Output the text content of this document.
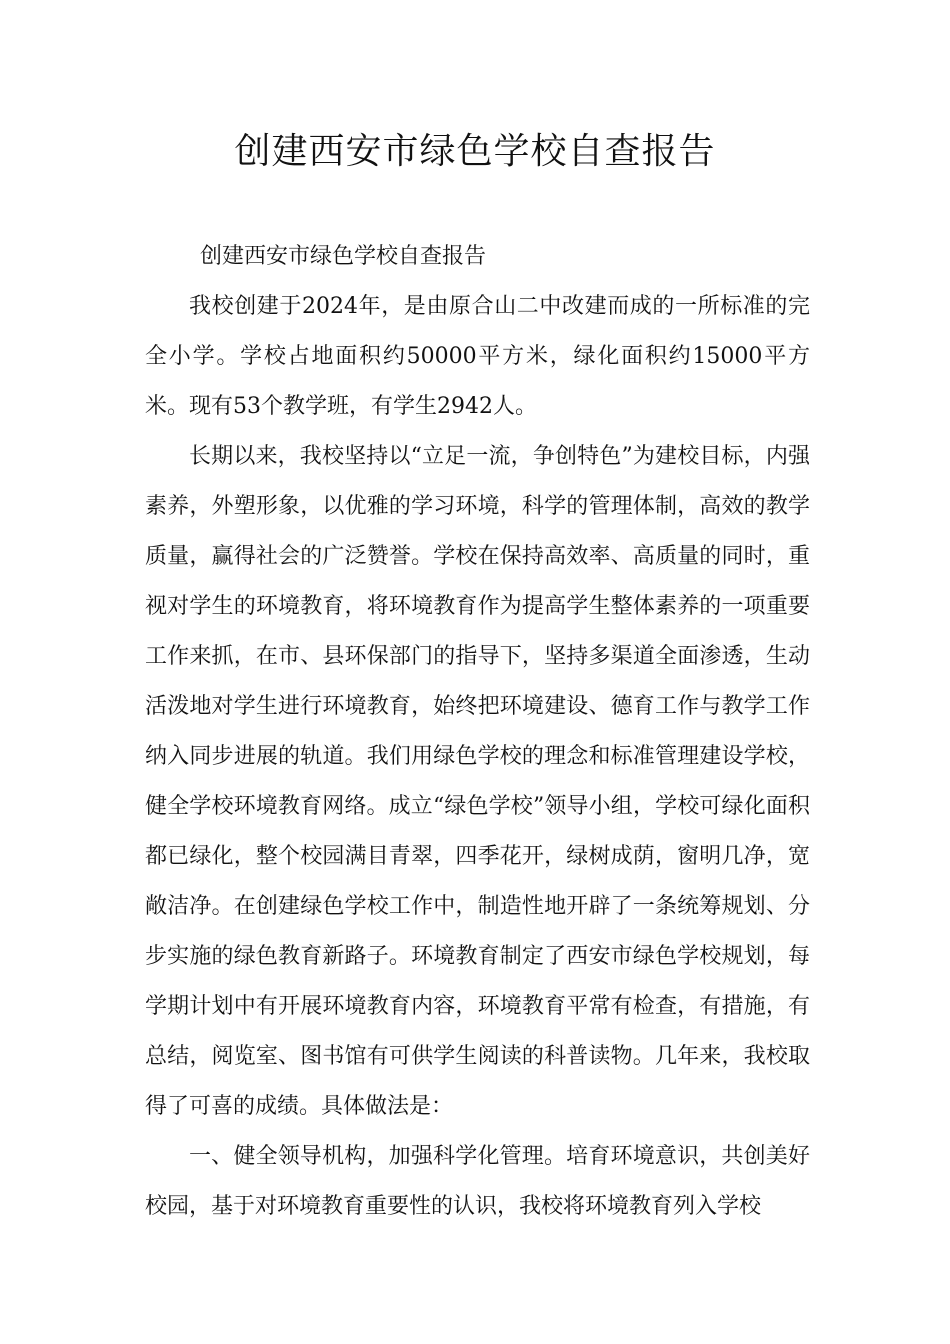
创建西安市绿色学校自查报告

创建西安市绿色学校自查报告

我校创建于2024年，是由原合山二中改建而成的一所标准的完全小学。学校占地面积约50000平方米，绿化面积约15000平方米。现有53个教学班，有学生2942人。

长期以来，我校坚持以“立足一流，争创特色”为建校目标，内强素养，外塑形象，以优雅的学习环境，科学的管理体制，高效的教学质量，赢得社会的广泛赞誉。学校在保持高效率、高质量的同时，重视对学生的环境教育，将环境教育作为提高学生整体素养的一项重要工作来抓，在市、县环保部门的指导下，坚持多渠道全面渗透，生动活泼地对学生进行环境教育，始终把环境建设、德育工作与教学工作纳入同步进展的轨道。我们用绿色学校的理念和标准管理建设学校，健全学校环境教育网络。成立“绿色学校”领导小组，学校可绿化面积都已绿化，整个校园满目青翠，四季花开，绿树成荫，窗明几净，宽敞洁净。在创建绿色学校工作中，制造性地开辟了一条统筹规划、分步实施的绿色教育新路子。环境教育制定了西安市绿色学校规划，每学期计划中有开展环境教育内容，环境教育平常有检查，有措施，有总结，阅览室、图书馆有可供学生阅读的科普读物。几年来，我校取得了可喜的成绩。具体做法是：

一、健全领导机构，加强科学化管理。培育环境意识，共创美好校园，基于对环境教育重要性的认识，我校将环境教育列入学校
